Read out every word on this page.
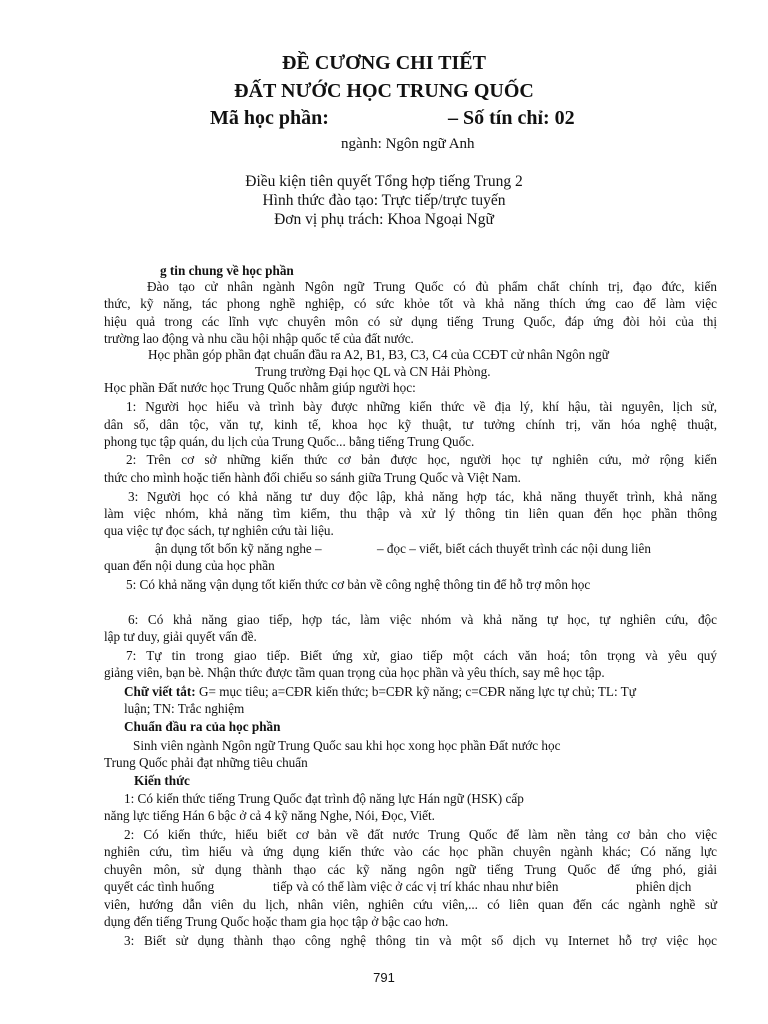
ĐỀ CƯƠNG CHI TIẾT
ĐẤT NƯỚC HỌC TRUNG QUỐC
Mã học phần:	– Số tín chỉ: 02
ngành: Ngôn ngữ Anh
Điều kiện tiên quyết Tổng hợp tiếng Trung 2
Hình thức đào tạo: Trực tiếp/trực tuyến
Đơn vị phụ trách: Khoa Ngoại Ngữ
g tin chung về học phần
Đào tạo cử nhân ngành Ngôn ngữ Trung Quốc có đủ phẩm chất chính trị, đạo đức, kiến
thức, kỹ năng, tác phong nghề nghiệp, có sức khỏe tốt và khả năng thích ứng cao để làm việc
hiệu quả trong các lĩnh vực chuyên môn có sử dụng tiếng Trung Quốc, đáp ứng đòi hỏi của thị
trường lao động và nhu cầu hội nhập quốc tế của đất nước.
Học phần góp phần đạt chuẩn đầu ra A2, B1, B3, C3, C4 của CCĐT cử nhân Ngôn ngữ
Trung trường Đại học QL và CN Hải Phòng.
Học phần Đất nước học Trung Quốc nhằm giúp người học:
1: Người học hiểu và trình bày được những kiến thức về địa lý, khí hậu, tài nguyên, lịch sử,
dân số, dân tộc, văn tự, kinh tế, khoa học kỹ thuật, tư tưởng chính trị, văn hóa nghệ thuật,
phong tục tập quán, du lịch của Trung Quốc... bằng tiếng Trung Quốc.
2: Trên cơ sở những kiến thức cơ bản được học, người học tự nghiên cứu, mở rộng kiến
thức cho mình hoặc tiến hành đối chiếu so sánh giữa Trung Quốc và Việt Nam.
3: Người học có khả năng tư duy độc lập, khả năng hợp tác, khả năng thuyết trình, khả năng
làm việc nhóm, khả năng tìm kiếm, thu thập và xử lý thông tin liên quan đến học phần thông
qua việc tự đọc sách, tự nghiên cứu tài liệu.
ận dụng tốt bốn kỹ năng nghe –	– đọc – viết, biết cách thuyết trình các nội dung liên
quan đến nội dung của học phần
5: Có khả năng vận dụng tốt kiến thức cơ bản về công nghệ thông tin để hỗ trợ môn học
6: Có khả năng giao tiếp, hợp tác, làm việc nhóm và khả năng tự học, tự nghiên cứu, độc
lập tư duy, giải quyết vấn đề.
7: Tự tin trong giao tiếp. Biết ứng xử, giao tiếp một cách văn hoá; tôn trọng và yêu quý
giảng viên, bạn bè. Nhận thức được tầm quan trọng của học phần và yêu thích, say mê học tập.
Chữ viết tắt: G= mục tiêu; a=CĐR kiến thức; b=CĐR kỹ năng; c=CĐR năng lực tự chủ; TL: Tự
luận; TN: Trắc nghiệm
Chuẩn đầu ra của học phần
Sinh viên ngành Ngôn ngữ Trung Quốc sau khi học xong học phần Đất nước học
Trung Quốc phải đạt những tiêu chuẩn
Kiến thức
1: Có kiến thức tiếng Trung Quốc đạt trình độ năng lực Hán ngữ (HSK) cấp
năng lực tiếng Hán 6 bậc ở cả 4 kỹ năng Nghe, Nói, Đọc, Viết.
2: Có kiến thức, hiểu biết cơ bản về đất nước Trung Quốc để làm nền tảng cơ bản cho việc
nghiên cứu, tìm hiểu và ứng dụng kiến thức vào các học phần chuyên ngành khác; Có năng lực
chuyên môn, sử dụng thành thạo các kỹ năng ngôn ngữ tiếng Trung Quốc để ứng phó, giải
quyết các tình huống	tiếp và có thể làm việc ở các vị trí khác nhau như biên	phiên dịch
viên, hướng dẫn viên du lịch, nhân viên, nghiên cứu viên,... có liên quan đến các ngành nghề sử
dụng đến tiếng Trung Quốc hoặc tham gia học tập ở bậc cao hơn.
3: Biết sử dụng thành thạo công nghệ thông tin và một số dịch vụ Internet hỗ trợ việc học
791
